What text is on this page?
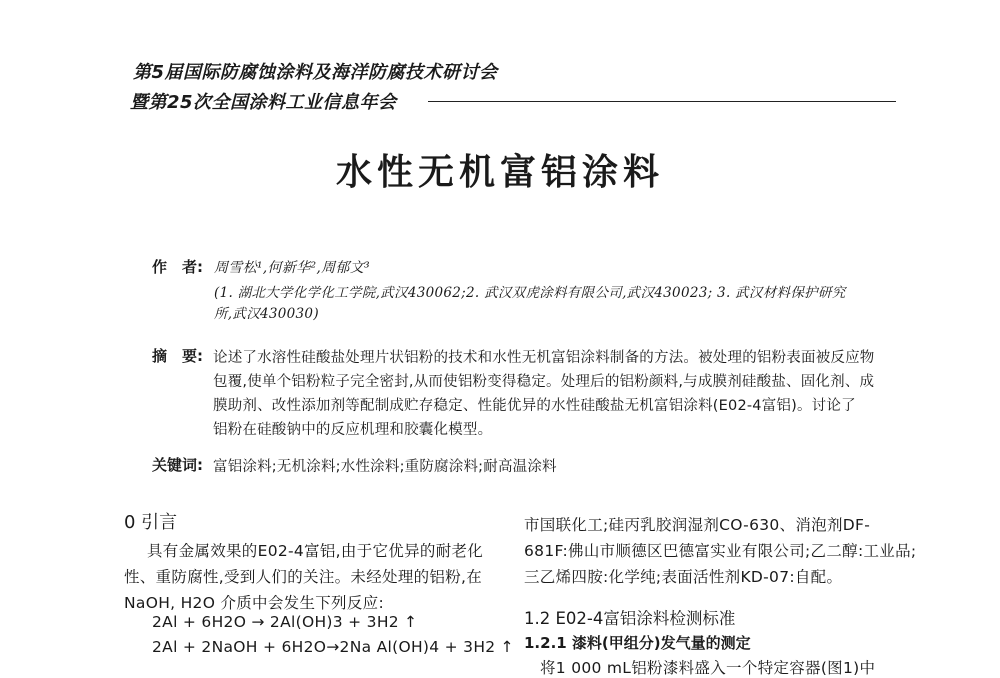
第5届国际防腐蚀涂料及海洋防腐技术研讨会
暨第25次全国涂料工业信息年会
水性无机富铝涂料
作　者: 周雪松¹,何新华²,周郁文³
(1. 湖北大学化学化工学院,武汉430062;2. 武汉双虎涂料有限公司,武汉430023; 3. 武汉材料保护研究
所,武汉430030)
摘　要: 论述了水溶性硅酸盐处理片状铝粉的技术和水性无机富铝涂料制备的方法。被处理的铝粉表面被反应物
包覆,使单个铝粉粒子完全密封,从而使铝粉变得稳定。处理后的铝粉颜料,与成膜剂硅酸盐、固化剂、成
膜助剂、改性添加剂等配制成贮存稳定、性能优异的水性硅酸盐无机富铝涂料(E02-4富铝)。讨论了
铝粉在硅酸钠中的反应机理和胶囊化模型。
关键词: 富铝涂料;无机涂料;水性涂料;重防腐涂料;耐高温涂料
0 引言
具有金属效果的E02-4富铝,由于它优异的耐老化
性、重防腐性,受到人们的关注。未经处理的铝粉,在
NaOH, H2O 介质中会发生下列反应:
2Al + 6H2O → 2Al(OH)3 + 3H2 ↑
2Al + 2NaOH + 6H2O→2Na Al(OH)4 + 3H2 ↑
市国联化工;硅丙乳胶润湿剂CO-630、消泡剂DF-
681F:佛山市顺德区巴德富实业有限公司;乙二醇:工业品;
三乙烯四胺:化学纯;表面活性剂KD-07:自配。
1.2 E02-4富铝涂料检测标准
1.2.1 漆料(甲组分)发气量的测定
将1 000 mL铝粉漆料盛入一个特定容器(图1)中
